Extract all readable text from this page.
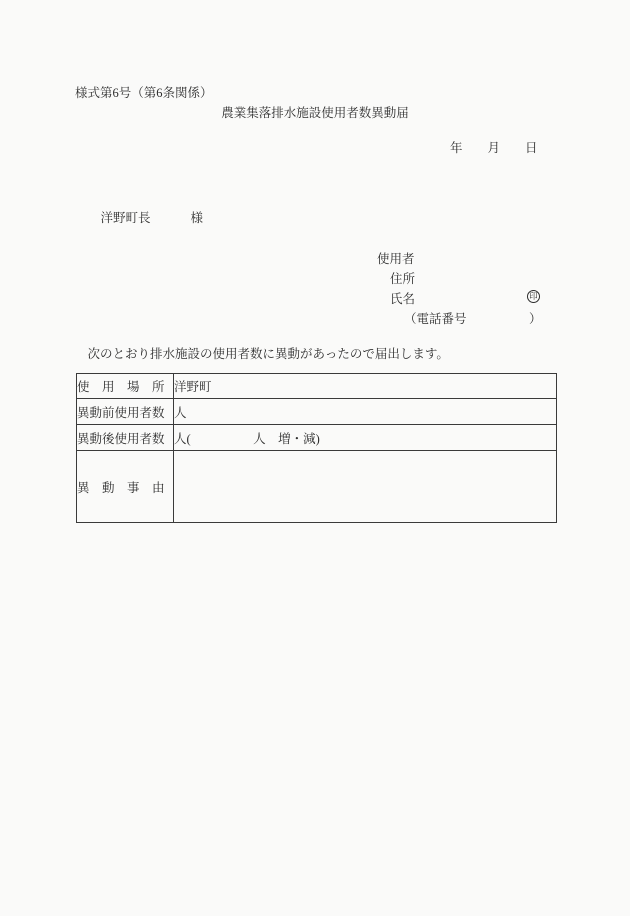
様式第6号（第6条関係）
農業集落排水施設使用者数異動届
年　　月　　日

洋野町長	様

使用者
住所
氏名	印
（電話番号　　　　　）
　次のとおり排水施設の使用者数に異動があったので届出します。
使　用　場　所	洋野町
異動前使用者数	人
異動後使用者数	人(　　　　　人　増・減)
異　動　事　由	
